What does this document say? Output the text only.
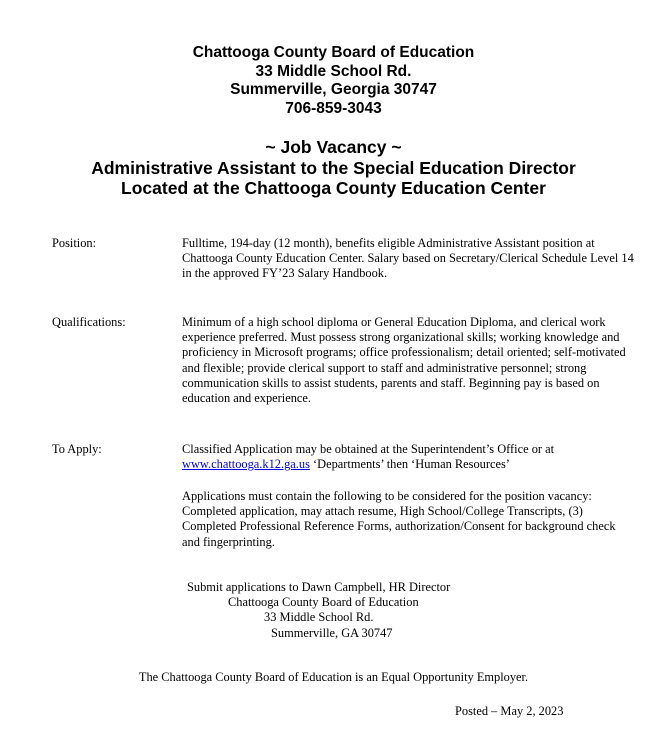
Chattooga County Board of Education
33 Middle School Rd.
Summerville, Georgia 30747
706-859-3043
~ Job Vacancy ~
Administrative Assistant to the Special Education Director
Located at the Chattooga County Education Center
Position:	Fulltime, 194-day (12 month), benefits eligible Administrative Assistant position at Chattooga County Education Center. Salary based on Secretary/Clerical Schedule Level 14 in the approved FY’23 Salary Handbook.
Qualifications:	Minimum of a high school diploma or General Education Diploma, and clerical work experience preferred. Must possess strong organizational skills; working knowledge and proficiency in Microsoft programs; office professionalism; detail oriented; self-motivated and flexible; provide clerical support to staff and administrative personnel; strong communication skills to assist students, parents and staff. Beginning pay is based on education and experience.
To Apply:	Classified Application may be obtained at the Superintendent’s Office or at
www.chattooga.k12.ga.us ‘Departments’ then ‘Human Resources’
Applications must contain the following to be considered for the position vacancy: Completed application, may attach resume, High School/College Transcripts, (3) Completed Professional Reference Forms, authorization/Consent for background check and fingerprinting.
Submit applications to Dawn Campbell, HR Director
Chattooga County Board of Education
33 Middle School Rd.
Summerville, GA 30747
The Chattooga County Board of Education is an Equal Opportunity Employer.
Posted – May 2, 2023
